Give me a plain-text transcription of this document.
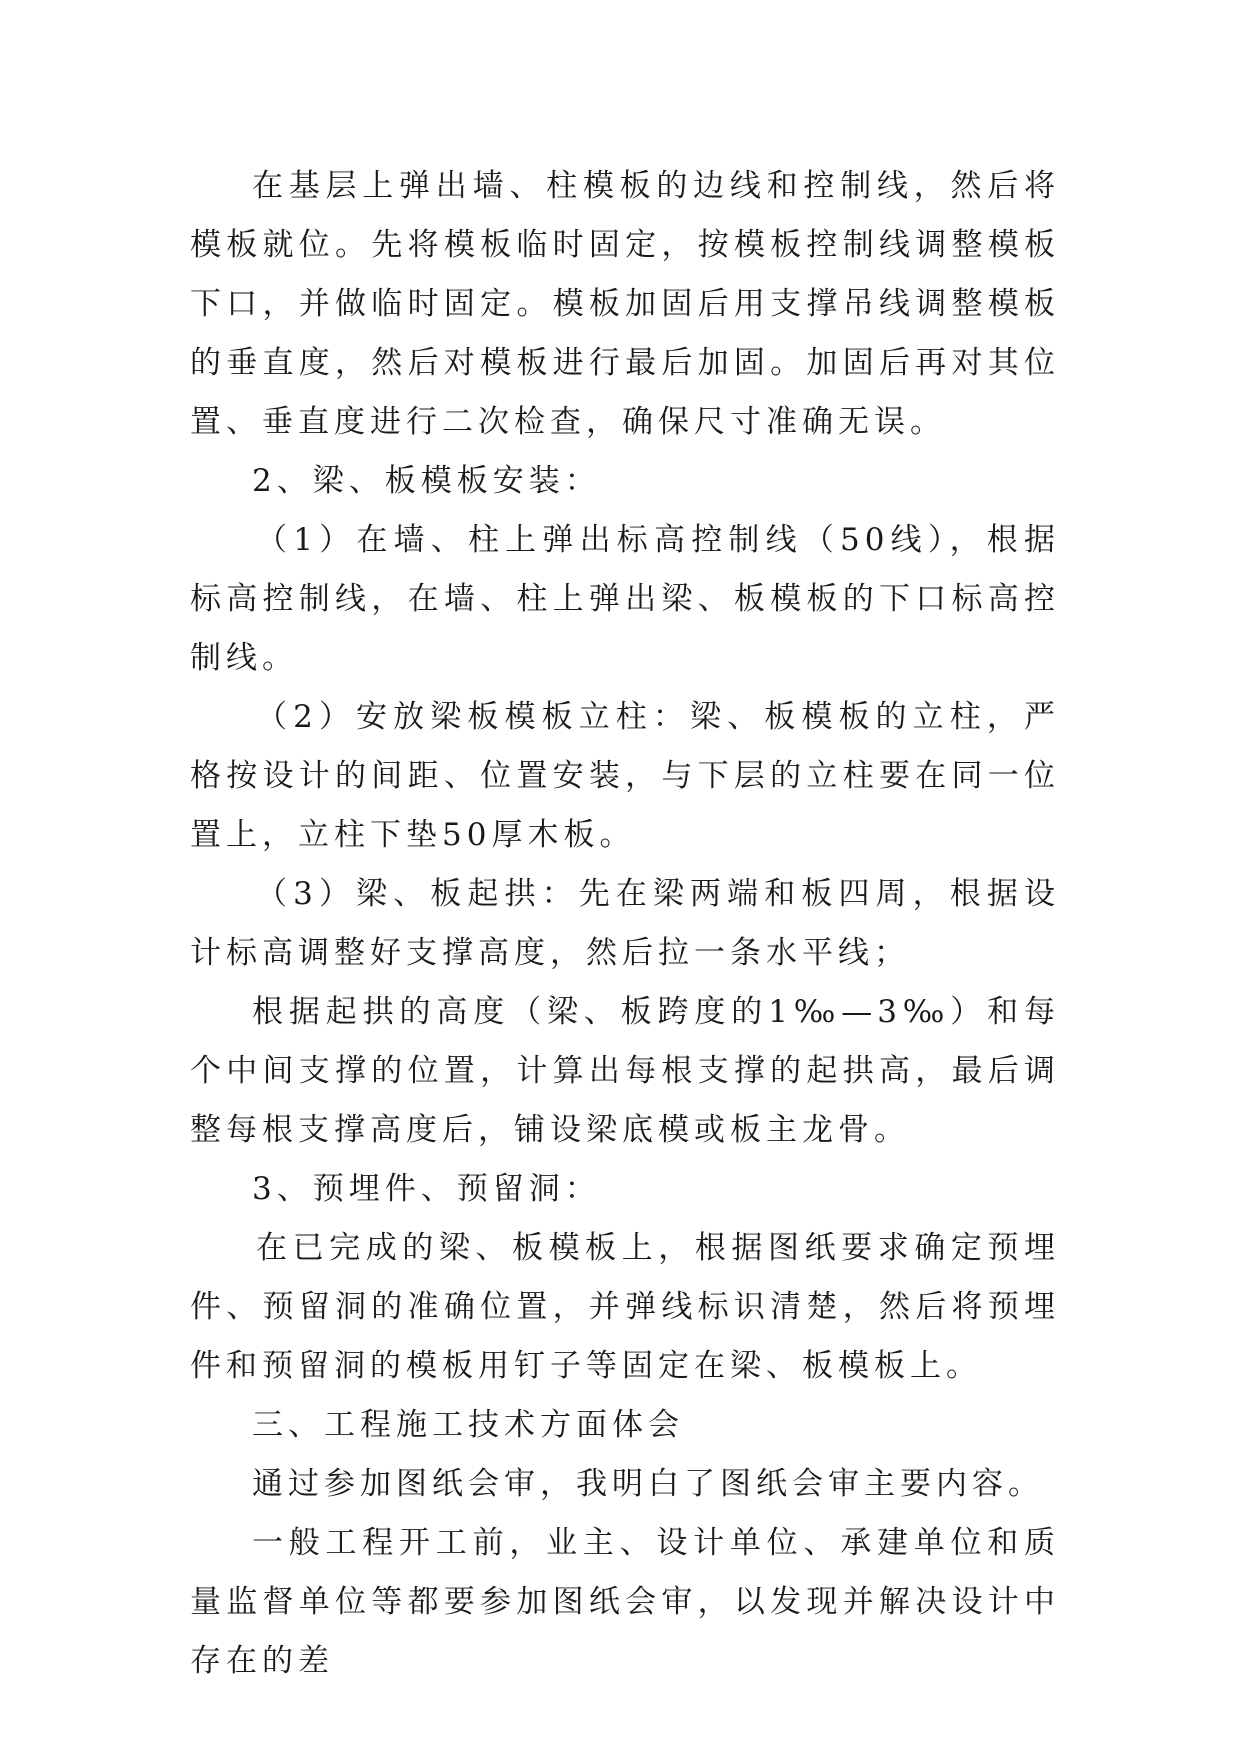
在基层上弹出墙、柱模板的边线和控制线，然后将模板就位。先将模板临时固定，按模板控制线调整模板下口，并做临时固定。模板加固后用支撑吊线调整模板的垂直度，然后对模板进行最后加固。加固后再对其位置、垂直度进行二次检查，确保尺寸准确无误。

2、梁、板模板安装：

（1）在墙、柱上弹出标高控制线（50线），根据标高控制线，在墙、柱上弹出梁、板模板的下口标高控制线。

（2）安放梁板模板立柱：梁、板模板的立柱，严格按设计的间距、位置安装，与下层的立柱要在同一位置上，立柱下垫50厚木板。

（3）梁、板起拱：先在梁两端和板四周，根据设计标高调整好支撑高度，然后拉一条水平线；

根据起拱的高度（梁、板跨度的1‰—3‰）和每个中间支撑的位置，计算出每根支撑的起拱高，最后调整每根支撑高度后，铺设梁底模或板主龙骨。

3、预埋件、预留洞：

在已完成的梁、板模板上，根据图纸要求确定预埋件、预留洞的准确位置，并弹线标识清楚，然后将预埋件和预留洞的模板用钉子等固定在梁、板模板上。

三、工程施工技术方面体会

通过参加图纸会审，我明白了图纸会审主要内容。

一般工程开工前，业主、设计单位、承建单位和质量监督单位等都要参加图纸会审，以发现并解决设计中存在的差
